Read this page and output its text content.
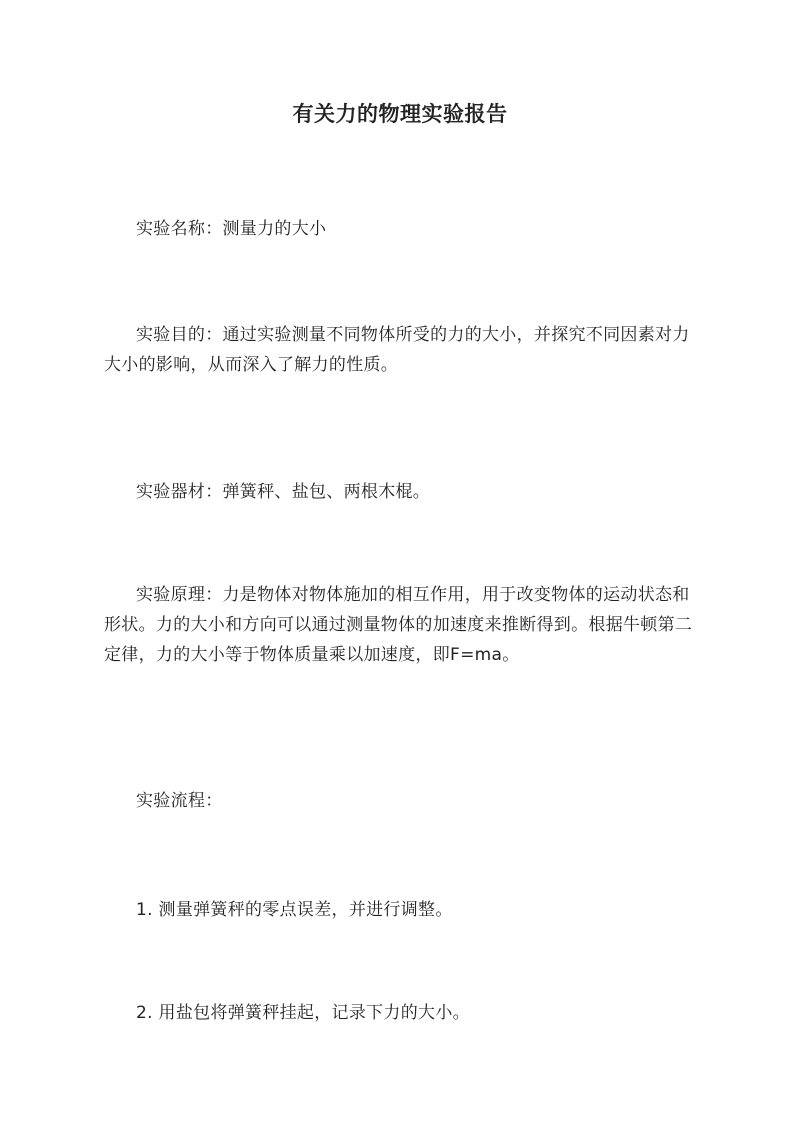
有关力的物理实验报告
实验名称：测量力的大小
实验目的：通过实验测量不同物体所受的力的大小，并探究不同因素对力大小的影响，从而深入了解力的性质。
实验器材：弹簧秤、盐包、两根木棍。
实验原理：力是物体对物体施加的相互作用，用于改变物体的运动状态和形状。力的大小和方向可以通过测量物体的加速度来推断得到。根据牛顿第二定律，力的大小等于物体质量乘以加速度，即F=ma。
实验流程：
1. 测量弹簧秤的零点误差，并进行调整。
2. 用盐包将弹簧秤挂起，记录下力的大小。
